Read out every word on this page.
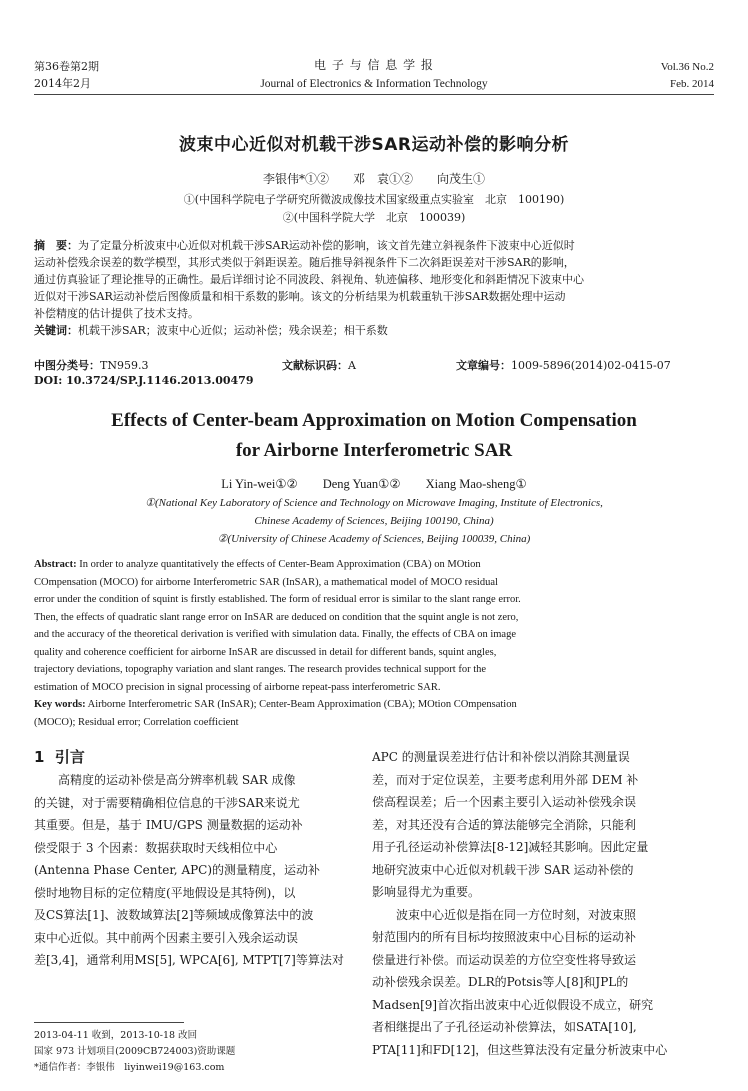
第36卷第2期
2014年2月
电 子 与 信 息 学 报
Journal of Electronics & Information Technology
Vol.36 No.2
Feb. 2014
波束中心近似对机载干涉SAR运动补偿的影响分析
李银伟*①②　　邓　袁①②　　向茂生①
①(中国科学院电子学研究所微波成像技术国家级重点实验室　北京　100190)
②(中国科学院大学　北京　100039)
摘　要：为了定量分析波束中心近似对机载干涉SAR运动补偿的影响，该文首先建立斜视条件下波束中心近似时
运动补偿残余误差的数学模型，其形式类似于斜距误差。随后推导斜视条件下二次斜距误差对干涉SAR的影响，
通过仿真验证了理论推导的正确性。最后详细讨论不同波段、斜视角、轨迹偏移、地形变化和斜距情况下波束中心
近似对干涉SAR运动补偿后图像质量和相干系数的影响。该文的分析结果为机载重轨干涉SAR数据处理中运动
补偿精度的估计提供了技术支持。
关键词：机载干涉SAR；波束中心近似；运动补偿；残余误差；相干系数
中图分类号：TN959.3	文献标识码：A	文章编号：1009-5896(2014)02-0415-07
DOI: 10.3724/SP.J.1146.2013.00479
Effects of Center-beam Approximation on Motion Compensation
for Airborne Interferometric SAR
Li Yin-wei①②　　Deng Yuan①②　　Xiang Mao-sheng①
①(National Key Laboratory of Science and Technology on Microwave Imaging, Institute of Electronics,
Chinese Academy of Sciences, Beijing 100190, China)
②(University of Chinese Academy of Sciences, Beijing 100039, China)
Abstract: In order to analyze quantitatively the effects of Center-Beam Approximation (CBA) on MOtion
COmpensation (MOCO) for airborne Interferometric SAR (InSAR), a mathematical model of MOCO residual
error under the condition of squint is firstly established. The form of residual error is similar to the slant range error.
Then, the effects of quadratic slant range error on InSAR are deduced on condition that the squint angle is not zero,
and the accuracy of the theoretical derivation is verified with simulation data. Finally, the effects of CBA on image
quality and coherence coefficient for airborne InSAR are discussed in detail for different bands, squint angles,
trajectory deviations, topography variation and slant ranges. The research provides technical support for the
estimation of MOCO precision in signal processing of airborne repeat-pass interferometric SAR.
Key words: Airborne Interferometric SAR (InSAR); Center-Beam Approximation (CBA); MOtion COmpensation
(MOCO); Residual error; Correlation coefficient
1 引言
　　高精度的运动补偿是高分辨率机载 SAR 成像
的关键，对于需要精确相位信息的干涉SAR来说尤
其重要。但是，基于 IMU/GPS 测量数据的运动补
偿受限于 3 个因素：数据获取时天线相位中心
(Antenna Phase Center, APC)的测量精度，运动补
偿时地物目标的定位精度(平地假设是其特例)，以
及CS算法[1]、波数域算法[2]等频域成像算法中的波
束中心近似。其中前两个因素主要引入残余运动误
差[3,4]，通常利用MS[5], WPCA[6], MTPT[7]等算法对
2013-04-11 收到，2013-10-18 改回
国家 973 计划项目(2009CB724003)资助课题
*通信作者：李银伟　liyinwei19@163.com
APC 的测量误差进行估计和补偿以消除其测量误
差，而对于定位误差，主要考虑利用外部 DEM 补
偿高程误差；后一个因素主要引入运动补偿残余误
差，对其还没有合适的算法能够完全消除，只能利
用子孔径运动补偿算法[8-12]减轻其影响。因此定量
地研究波束中心近似对机载干涉 SAR 运动补偿的
影响显得尤为重要。
　　波束中心近似是指在同一方位时刻，对波束照
射范围内的所有目标均按照波束中心目标的运动补
偿量进行补偿。而运动误差的方位空变性将导致运
动补偿残余误差。DLR的Potsis等人[8]和JPL的
Madsen[9]首次指出波束中心近似假设不成立，研究
者相继提出了子孔径运动补偿算法，如SATA[10],
PTA[11]和FD[12]，但这些算法没有定量分析波束中心
